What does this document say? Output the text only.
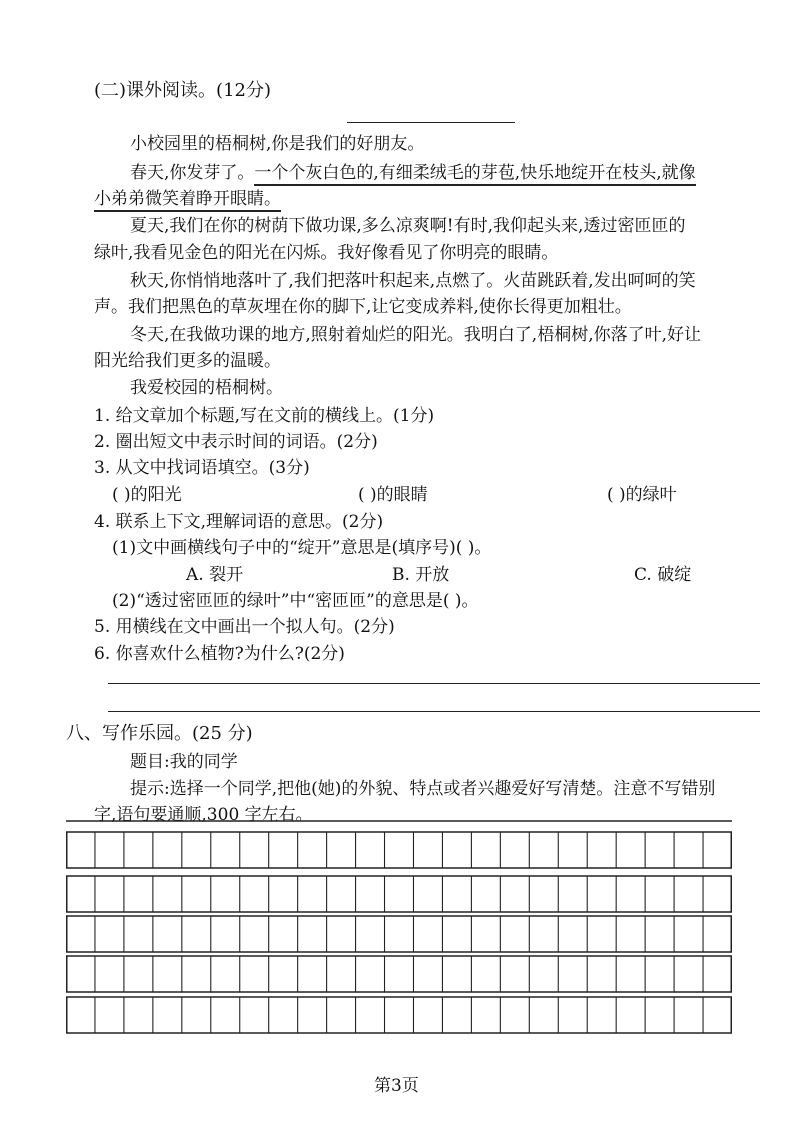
(二)课外阅读。(12分)
小校园里的梧桐树,你是我们的好朋友。
春天,你发芽了。一个个灰白色的,有细柔绒毛的芽苞,快乐地绽开在枝头,就像
小弟弟微笑着睁开眼睛。
夏天,我们在你的树荫下做功课,多么凉爽啊!有时,我仰起头来,透过密匝匝的
绿叶,我看见金色的阳光在闪烁。我好像看见了你明亮的眼睛。
秋天,你悄悄地落叶了,我们把落叶积起来,点燃了。火苗跳跃着,发出呵呵的笑
声。我们把黑色的草灰埋在你的脚下,让它变成养料,使你长得更加粗壮。
冬天,在我做功课的地方,照射着灿烂的阳光。我明白了,梧桐树,你落了叶,好让
阳光给我们更多的温暖。
我爱校园的梧桐树。
1. 给文章加个标题,写在文前的横线上。(1分)
2. 圈出短文中表示时间的词语。(2分)
3. 从文中找词语填空。(3分)
( )的阳光	( )的眼睛	( )的绿叶
4. 联系上下文,理解词语的意思。(2分)
(1)文中画横线句子中的“绽开”意思是(填序号)( )。
A. 裂开	B. 开放	C. 破绽
(2)“透过密匝匝的绿叶”中“密匝匝”的意思是( )。
5. 用横线在文中画出一个拟人句。(2分)
6. 你喜欢什么植物?为什么?(2分)
八、写作乐园。(25 分)
题目:我的同学
提示:选择一个同学,把他(她)的外貌、特点或者兴趣爱好写清楚。注意不写错别
字,语句要通顺,300 字左右。
第3页
